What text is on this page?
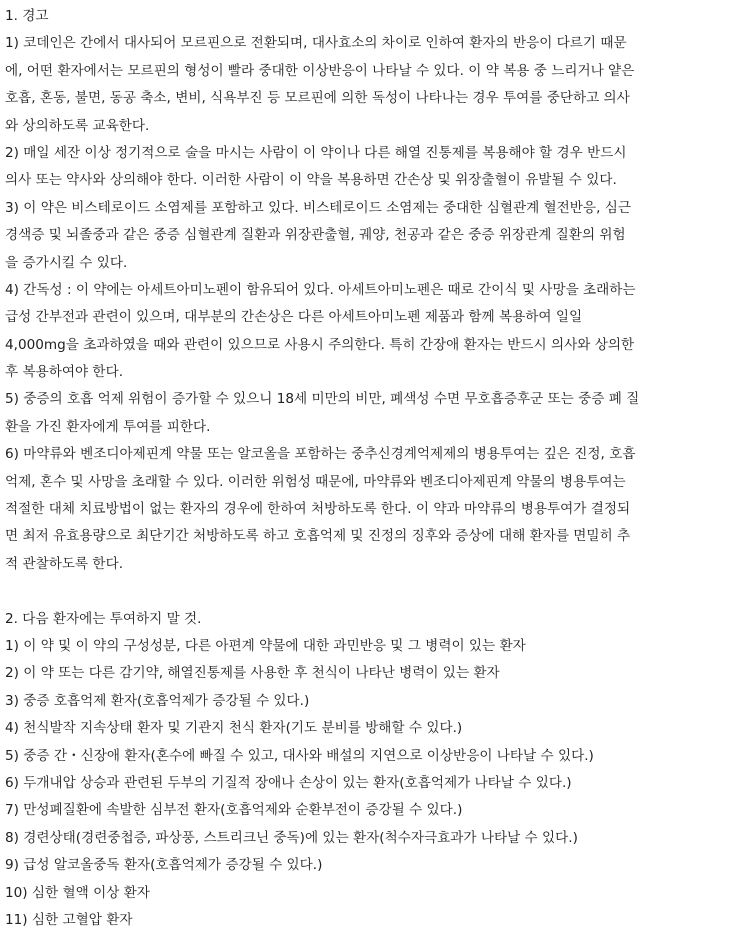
1. 경고
1) 코데인은 간에서 대사되어 모르핀으로 전환되며, 대사효소의 차이로 인하여 환자의 반응이 다르기 때문
에, 어떤 환자에서는 모르핀의 형성이 빨라 중대한 이상반응이 나타날 수 있다. 이 약 복용 중 느리거나 얕은
호흡, 혼동, 불면, 동공 축소, 변비, 식욕부진 등 모르핀에 의한 독성이 나타나는 경우 투여를 중단하고 의사
와 상의하도록 교육한다.
2) 매일 세잔 이상 정기적으로 술을 마시는 사람이 이 약이나 다른 해열 진통제를 복용해야 할 경우 반드시
의사 또는 약사와 상의해야 한다. 이러한 사람이 이 약을 복용하면 간손상 및 위장출혈이 유발될 수 있다.
3) 이 약은 비스테로이드 소염제를 포함하고 있다. 비스테로이드 소염제는 중대한 심혈관계 혈전반응, 심근
경색증 및 뇌졸중과 같은 중증 심혈관계 질환과 위장관출혈, 궤양, 천공과 같은 중증 위장관계 질환의 위험
을 증가시킬 수 있다.
4) 간독성 : 이 약에는 아세트아미노펜이 함유되어 있다. 아세트아미노펜은 때로 간이식 및 사망을 초래하는
급성 간부전과 관련이 있으며, 대부분의 간손상은 다른 아세트아미노펜 제품과 함께 복용하여 일일
4,000mg을 초과하였을 때와 관련이 있으므로 사용시 주의한다. 특히 간장애 환자는 반드시 의사와 상의한
후 복용하여야 한다.
5) 중증의 호흡 억제 위험이 증가할 수 있으니 18세 미만의 비만, 폐색성 수면 무호흡증후군 또는 중증 폐 질
환을 가진 환자에게 투여를 피한다.
6) 마약류와 벤조디아제핀계 약물 또는 알코올을 포함하는 중추신경계억제제의 병용투여는 깊은 진정, 호흡
억제, 혼수 및 사망을 초래할 수 있다. 이러한 위험성 때문에, 마약류와 벤조디아제핀계 약물의 병용투여는
적절한 대체 치료방법이 없는 환자의 경우에 한하여 처방하도록 한다. 이 약과 마약류의 병용투여가 결정되
면 최저 유효용량으로 최단기간 처방하도록 하고 호흡억제 및 진정의 징후와 증상에 대해 환자를 면밀히 추
적 관찰하도록 한다.
2. 다음 환자에는 투여하지 말 것.
1) 이 약 및 이 약의 구성성분, 다른 아편계 약물에 대한 과민반응 및 그 병력이 있는 환자
2) 이 약 또는 다른 감기약, 해열진통제를 사용한 후 천식이 나타난 병력이 있는 환자
3) 중증 호흡억제 환자(호흡억제가 증강될 수 있다.)
4) 천식발작 지속상태 환자 및 기관지 천식 환자(기도 분비를 방해할 수 있다.)
5) 중증 간・신장애 환자(혼수에 빠질 수 있고, 대사와 배설의 지연으로 이상반응이 나타날 수 있다.)
6) 두개내압 상승과 관련된 두부의 기질적 장애나 손상이 있는 환자(호흡억제가 나타날 수 있다.)
7) 만성폐질환에 속발한 심부전 환자(호흡억제와 순환부전이 증강될 수 있다.)
8) 경련상태(경련중첩증, 파상풍, 스트리크닌 중독)에 있는 환자(척수자극효과가 나타날 수 있다.)
9) 급성 알코올중독 환자(호흡억제가 증강될 수 있다.)
10) 심한 혈액 이상 환자
11) 심한 고혈압 환자
